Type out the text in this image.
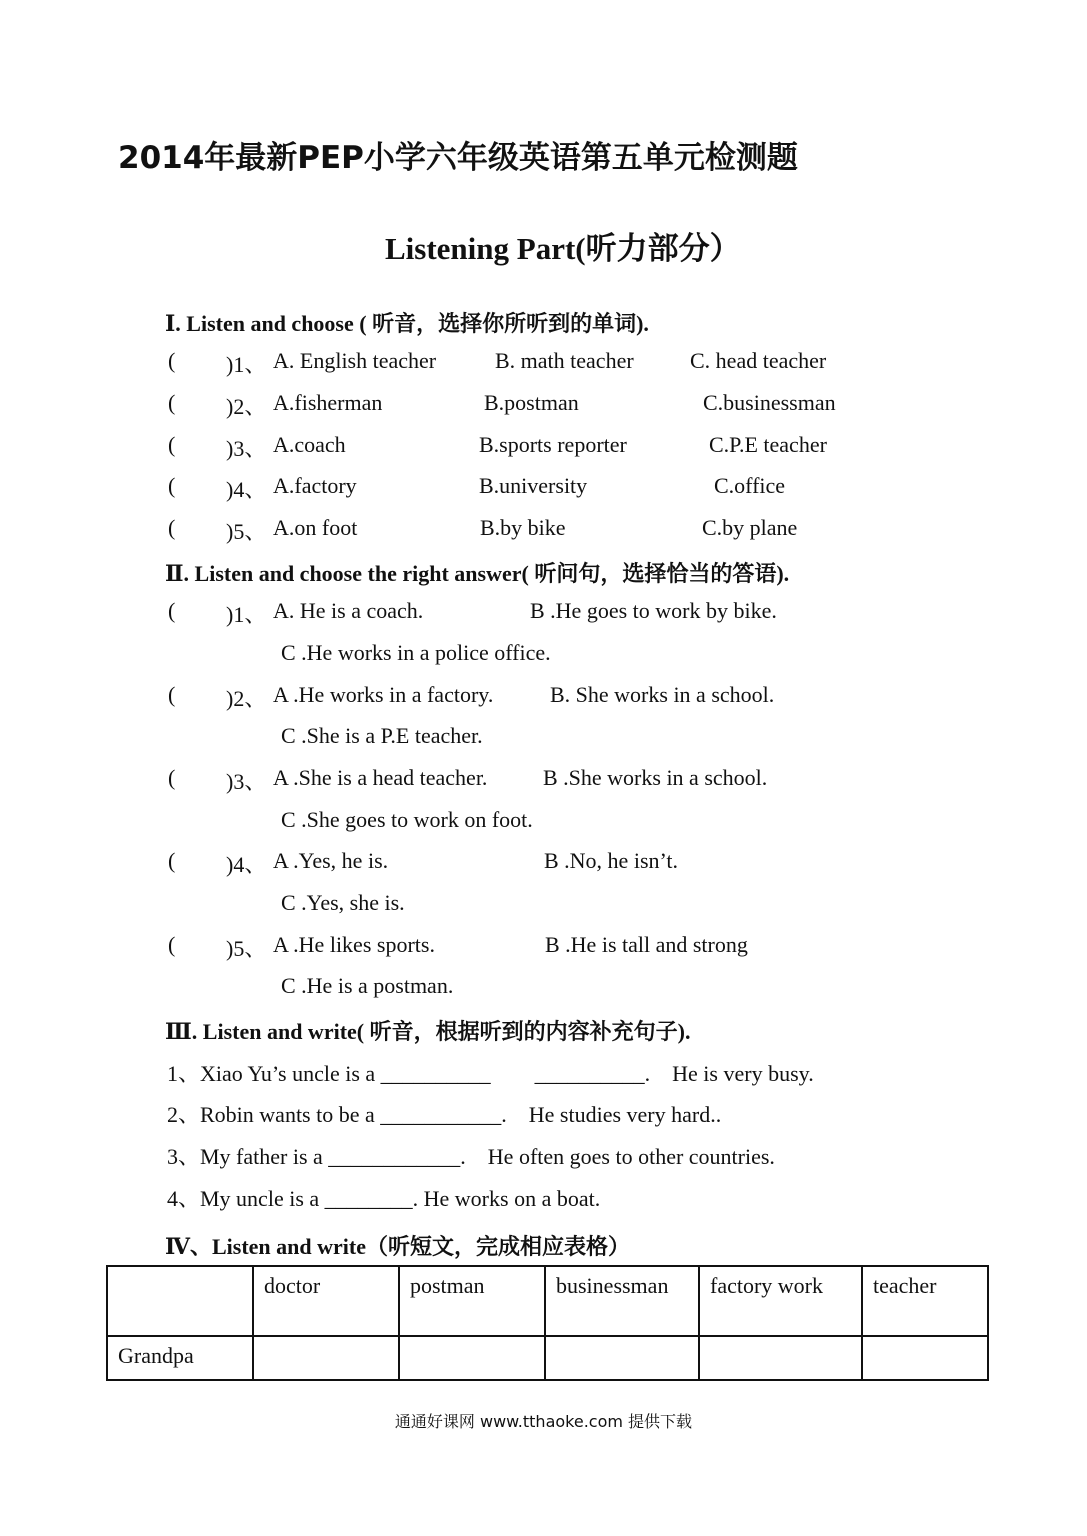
2014年最新PEP小学六年级英语第五单元检测题
Listening Part(听力部分）
Ⅰ. Listen and choose ( 听音，选择你所听到的单词).
( )1、 A. English teacher	B. math teacher	C. head teacher
( )2、 A.fisherman	B.postman	C.businessman
( )3、 A.coach	B.sports reporter	C.P.E teacher
( )4、 A.factory	B.university	C.office
( )5、 A.on foot	B.by bike	C.by plane
Ⅱ. Listen and choose the right answer( 听问句，选择恰当的答语).
( )1、 A. He is a coach.	B .He goes to work by bike.
C .He works in a police office.
( )2、 A .He works in a factory.	B. She works in a school.
C .She is a P.E teacher.
( )3、 A .She is a head teacher.	B .She works in a school.
C .She goes to work on foot.
( )4、 A .Yes, he is.	B .No, he isn’t.
C .Yes, she is.
( )5、 A .He likes sports.	B .He is tall and strong
C .He is a postman.
Ⅲ. Listen and write( 听音，根据听到的内容补充句子).
1、Xiao Yu’s uncle is a __________        __________.    He is very busy.
2、Robin wants to be a ___________.    He studies very hard..
3、My father is a ____________.    He often goes to other countries.
4、My uncle is a ________. He works on a boat.
Ⅳ、Listen and write（听短文，完成相应表格）
	doctor	postman	businessman	factory work	teacher
Grandpa					
通通好课网 www.tthaoke.com 提供下载
